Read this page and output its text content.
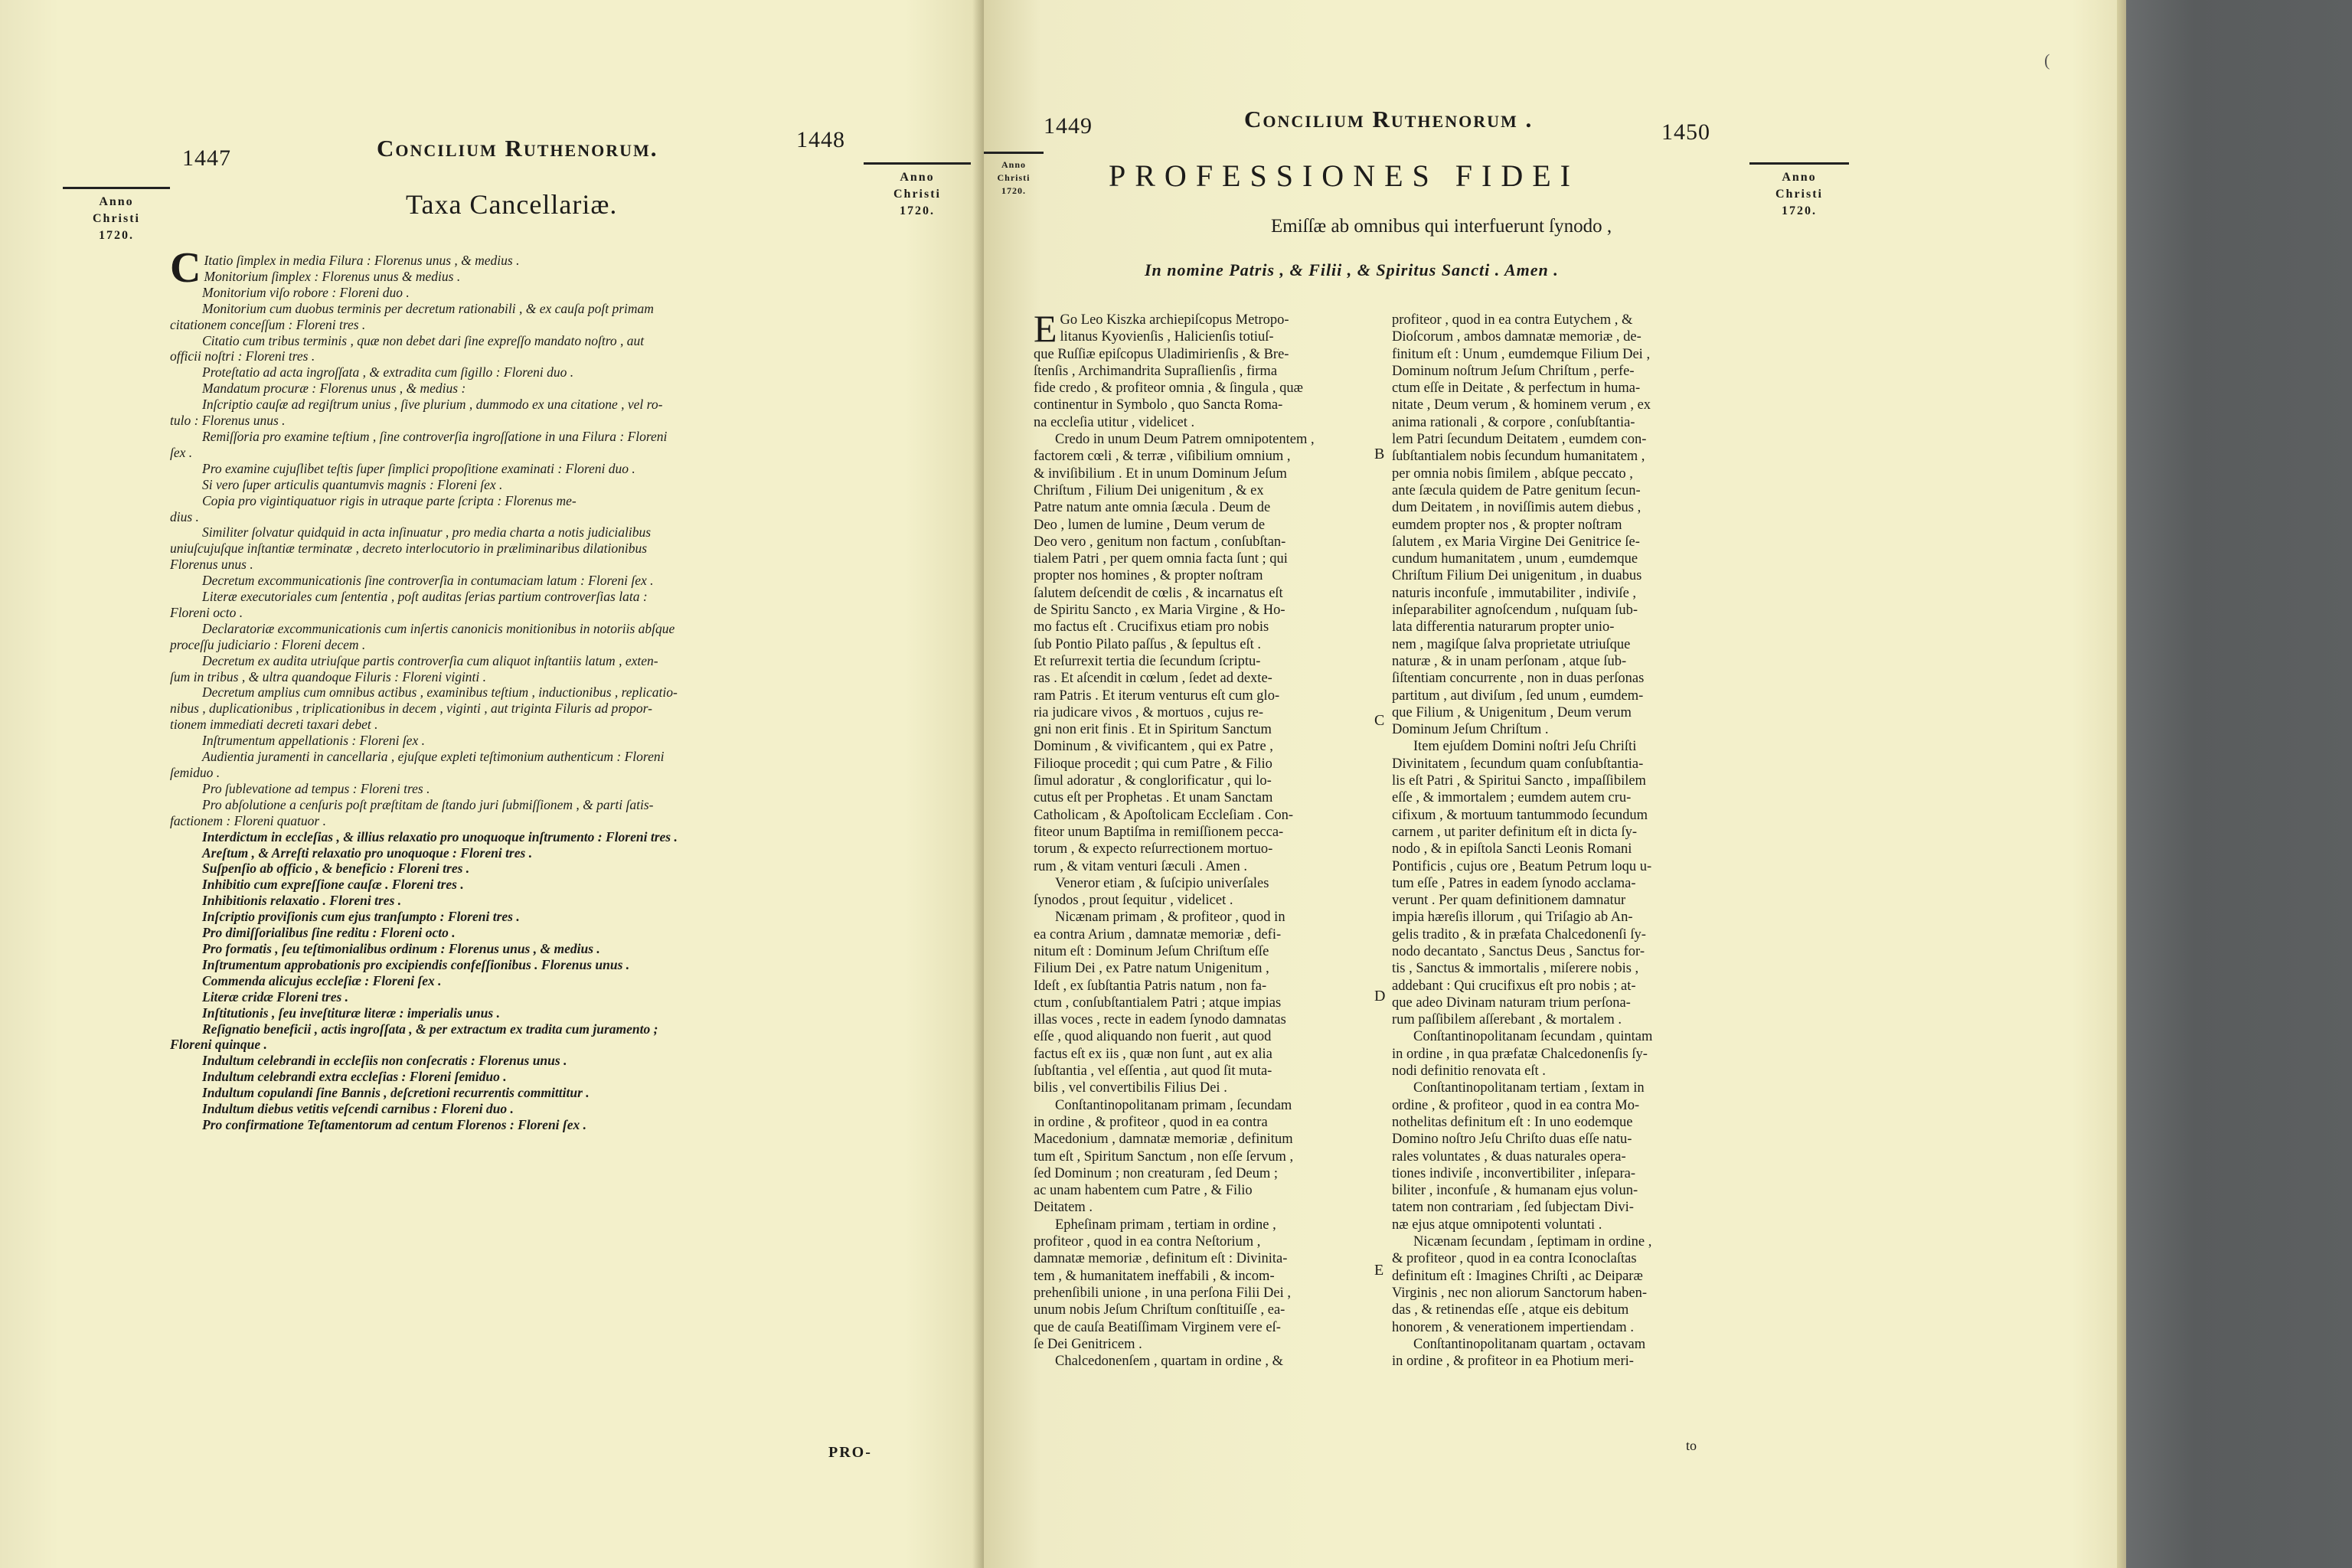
1447	Concilium Ruthenorum.	1448
Anno
Christi
1720.
Anno
Christi
1720.
Taxa Cancellariæ.
C Itatio ſimplex in media Filura : Florenus unus , & medius .
Monitorium ſimplex : Florenus unus & medius .
Monitorium viſo robore : Floreni duo .
Monitorium cum duobus terminis per decretum rationabili , & ex cauſa poſt primam
citationem conceſſum : Floreni tres .
Citatio cum tribus terminis , quæ non debet dari ſine expreſſo mandato noſtro , aut
officii noſtri : Floreni tres .
Proteſtatio ad acta ingroſſata , & extradita cum ſigillo : Floreni duo .
Mandatum procuræ : Florenus unus , & medius :
Inſcriptio cauſæ ad regiſtrum unius , ſive plurium , dummodo ex una citatione , vel ro-
tulo : Florenus unus .
Remiſſoria pro examine teſtium , ſine controverſia ingroſſatione in una Filura : Floreni
ſex .
Pro examine cujuſlibet teſtis ſuper ſimplici propoſitione examinati : Floreni duo .
Si vero ſuper articulis quantumvis magnis : Floreni ſex .
Copia pro vigintiquatuor rigis in utraque parte ſcripta : Florenus me-
dius .
Similiter ſolvatur quidquid in acta inſinuatur , pro media charta a notis judicialibus
uniuſcujuſque inſtantiæ terminatæ , decreto interlocutorio in præliminaribus dilationibus
Florenus unus .
Decretum excommunicationis ſine controverſia in contumaciam latum : Floreni ſex .
Literæ executoriales cum ſententia , poſt auditas ſerias partium controverſias lata :
Floreni octo .
Declaratoriæ excommunicationis cum inſertis canonicis monitionibus in notoriis abſque
proceſſu judiciario : Floreni decem .
Decretum ex audita utriuſque partis controverſia cum aliquot inſtantiis latum , exten-
ſum in tribus , & ultra quandoque Filuris : Floreni viginti .
Decretum amplius cum omnibus actibus , examinibus teſtium , inductionibus , replicatio-
nibus , duplicationibus , triplicationibus in decem , viginti , aut triginta Filuris ad propor-
tionem immediati decreti taxari debet .
Inſtrumentum appellationis : Floreni ſex .
Audientia juramenti in cancellaria , ejuſque expleti teſtimonium authenticum : Floreni
ſemiduo .
Pro ſublevatione ad tempus : Floreni tres .
Pro abſolutione a cenſuris poſt præſtitam de ſtando juri ſubmiſſionem , & parti ſatis-
factionem : Floreni quatuor .
Interdictum in eccleſias , & illius relaxatio pro unoquoque inſtrumento : Floreni tres .
Areſtum , & Arreſti relaxatio pro unoquoque : Floreni tres .
Suſpenſio ab officio , & beneficio : Floreni tres .
Inhibitio cum expreſſione cauſæ . Floreni tres .
Inhibitionis relaxatio . Floreni tres .
Inſcriptio proviſionis cum ejus tranſumpto : Floreni tres .
Pro dimiſſorialibus ſine reditu : Floreni octo .
Pro formatis , ſeu teſtimonialibus ordinum : Florenus unus , & medius .
Inſtrumentum approbationis pro excipiendis confeſſionibus . Florenus unus .
Commenda alicujus eccleſiæ : Floreni ſex .
Literæ cridæ Floreni tres .
Inſtitutionis , ſeu inveſtituræ literæ : imperialis unus .
Reſignatio beneficii , actis ingroſſata , & per extractum ex tradita cum juramento ;
Floreni quinque .
Indultum celebrandi in eccleſiis non conſecratis : Florenus unus .
Indultum celebrandi extra eccleſias : Floreni ſemiduo .
Indultum copulandi ſine Bannis , deſcretioni recurrentis committitur .
Indultum diebus vetitis veſcendi carnibus : Floreni duo .
Pro confirmatione Teſtamentorum ad centum Florenos : Floreni ſex .
PRO-
Anno
Christi
1720.
1449	Concilium Ruthenorum .	1450
Anno
Christi
1720.
(
PROFESSIONES FIDEI
Emiſſæ ab omnibus qui interfuerunt ſynodo ,
In nomine Patris , & Filii , & Spiritus Sancti . Amen .
E Go Leo Kiszka archiepiſcopus Metropo-
litanus Kyovienſis , Halicienſis totiuſ-
que Ruſſiæ epiſcopus Uladimirienſis , & Bre-
ſtenſis , Archimandrita Supraſlienſis , firma
fide credo , & profiteor omnia , & ſingula , quæ
continentur in Symbolo , quo Sancta Roma-
na eccleſia utitur , videlicet .
Credo in unum Deum Patrem omnipotentem ,
factorem cœli , & terræ , viſibilium omnium ,
& inviſibilium . Et in unum Dominum Jeſum
Chriſtum , Filium Dei unigenitum , & ex
Patre natum ante omnia ſæcula . Deum de
Deo , lumen de lumine , Deum verum de
Deo vero , genitum non factum , conſubſtan-
tialem Patri , per quem omnia facta ſunt ; qui
propter nos homines , & propter noſtram
ſalutem deſcendit de cœlis , & incarnatus eſt
de Spiritu Sancto , ex Maria Virgine , & Ho-
mo factus eſt . Crucifixus etiam pro nobis
ſub Pontio Pilato paſſus , & ſepultus eſt .
Et reſurrexit tertia die ſecundum ſcriptu-
ras . Et aſcendit in cœlum , ſedet ad dexte-
ram Patris . Et iterum venturus eſt cum glo-
ria judicare vivos , & mortuos , cujus re-
gni non erit finis . Et in Spiritum Sanctum
Dominum , & vivificantem , qui ex Patre ,
Filioque procedit ; qui cum Patre , & Filio
ſimul adoratur , & conglorificatur , qui lo-
cutus eſt per Prophetas . Et unam Sanctam
Catholicam , & Apoſtolicam Eccleſiam . Con-
fiteor unum Baptiſma in remiſſionem pecca-
torum , & expecto reſurrectionem mortuo-
rum , & vitam venturi ſæculi . Amen .
Veneror etiam , & ſuſcipio univerſales
ſynodos , prout ſequitur , videlicet .
Nicænam primam , & profiteor , quod in
ea contra Arium , damnatæ memoriæ , defi-
nitum eſt : Dominum Jeſum Chriſtum eſſe
Filium Dei , ex Patre natum Unigenitum ,
Ideſt , ex ſubſtantia Patris natum , non fa-
ctum , conſubſtantialem Patri ; atque impias
illas voces , recte in eadem ſynodo damnatas
eſſe , quod aliquando non fuerit , aut quod
factus eſt ex iis , quæ non ſunt , aut ex alia
ſubſtantia , vel eſſentia , aut quod ſit muta-
bilis , vel convertibilis Filius Dei .
Conſtantinopolitanam primam , ſecundam
in ordine , & profiteor , quod in ea contra
Macedonium , damnatæ memoriæ , definitum
tum eſt , Spiritum Sanctum , non eſſe ſervum ,
ſed Dominum ; non creaturam , ſed Deum ;
ac unam habentem cum Patre , & Filio
Deitatem .
Epheſinam primam , tertiam in ordine ,
profiteor , quod in ea contra Neſtorium ,
damnatæ memoriæ , definitum eſt : Divinita-
tem , & humanitatem ineffabili , & incom-
prehenſibili unione , in una perſona Filii Dei ,
unum nobis Jeſum Chriſtum conſtituiſſe , ea-
que de cauſa Beatiſſimam Virginem vere eſ-
ſe Dei Genitricem .
Chalcedonenſem , quartam in ordine , &
profiteor , quod in ea contra Eutychem , &
Dioſcorum , ambos damnatæ memoriæ , de-
finitum eſt : Unum , eumdemque Filium Dei ,
Dominum noſtrum Jeſum Chriſtum , perfe-
ctum eſſe in Deitate , & perfectum in huma-
nitate , Deum verum , & hominem verum , ex
anima rationali , & corpore , conſubſtantia-
lem Patri ſecundum Deitatem , eumdem con-
ſubſtantialem nobis ſecundum humanitatem ,
per omnia nobis ſimilem , abſque peccato ,
ante ſæcula quidem de Patre genitum ſecun-
dum Deitatem , in noviſſimis autem diebus ,
eumdem propter nos , & propter noſtram
ſalutem , ex Maria Virgine Dei Genitrice ſe-
cundum humanitatem , unum , eumdemque
Chriſtum Filium Dei unigenitum , in duabus
naturis inconfuſe , immutabiliter , indiviſe ,
inſeparabiliter agnoſcendum , nuſquam ſub-
lata differentia naturarum propter unio-
nem , magiſque ſalva proprietate utriuſque
naturæ , & in unam perſonam , atque ſub-
ſiſtentiam concurrente , non in duas perſonas
partitum , aut diviſum , ſed unum , eumdem-
que Filium , & Unigenitum , Deum verum
Dominum Jeſum Chriſtum .
Item ejuſdem Domini noſtri Jeſu Chriſti
Divinitatem , ſecundum quam conſubſtantia-
lis eſt Patri , & Spiritui Sancto , impaſſibilem
eſſe , & immortalem ; eumdem autem cru-
cifixum , & mortuum tantummodo ſecundum
carnem , ut pariter definitum eſt in dicta ſy-
nodo , & in epiſtola Sancti Leonis Romani
Pontificis , cujus ore , Beatum Petrum loqu u-
tum eſſe , Patres in eadem ſynodo acclama-
verunt . Per quam definitionem damnatur
impia hæreſis illorum , qui Triſagio ab An-
gelis tradito , & in præfata Chalcedonenſi ſy-
nodo decantato , Sanctus Deus , Sanctus for-
tis , Sanctus & immortalis , miſerere nobis ,
addebant : Qui crucifixus eſt pro nobis ; at-
que adeo Divinam naturam trium perſona-
rum paſſibilem aſſerebant , & mortalem .
Conſtantinopolitanam ſecundam , quintam
in ordine , in qua præfatæ Chalcedonenſis ſy-
nodi definitio renovata eſt .
Conſtantinopolitanam tertiam , ſextam in
ordine , & profiteor , quod in ea contra Mo-
nothelitas definitum eſt : In uno eodemque
Domino noſtro Jeſu Chriſto duas eſſe natu-
rales voluntates , & duas naturales opera-
tiones indiviſe , inconvertibiliter , inſepara-
biliter , inconfuſe , & humanam ejus volun-
tatem non contrariam , ſed ſubjectam Divi-
næ ejus atque omnipotenti voluntati .
Nicænam ſecundam , ſeptimam in ordine ,
& profiteor , quod in ea contra Iconoclaſtas
definitum eſt : Imagines Chriſti , ac Deiparæ
Virginis , nec non aliorum Sanctorum haben-
das , & retinendas eſſe , atque eis debitum
honorem , & venerationem impertiendam .
Conſtantinopolitanam quartam , octavam
in ordine , & profiteor in ea Photium meri-
B
C
D
E
to
